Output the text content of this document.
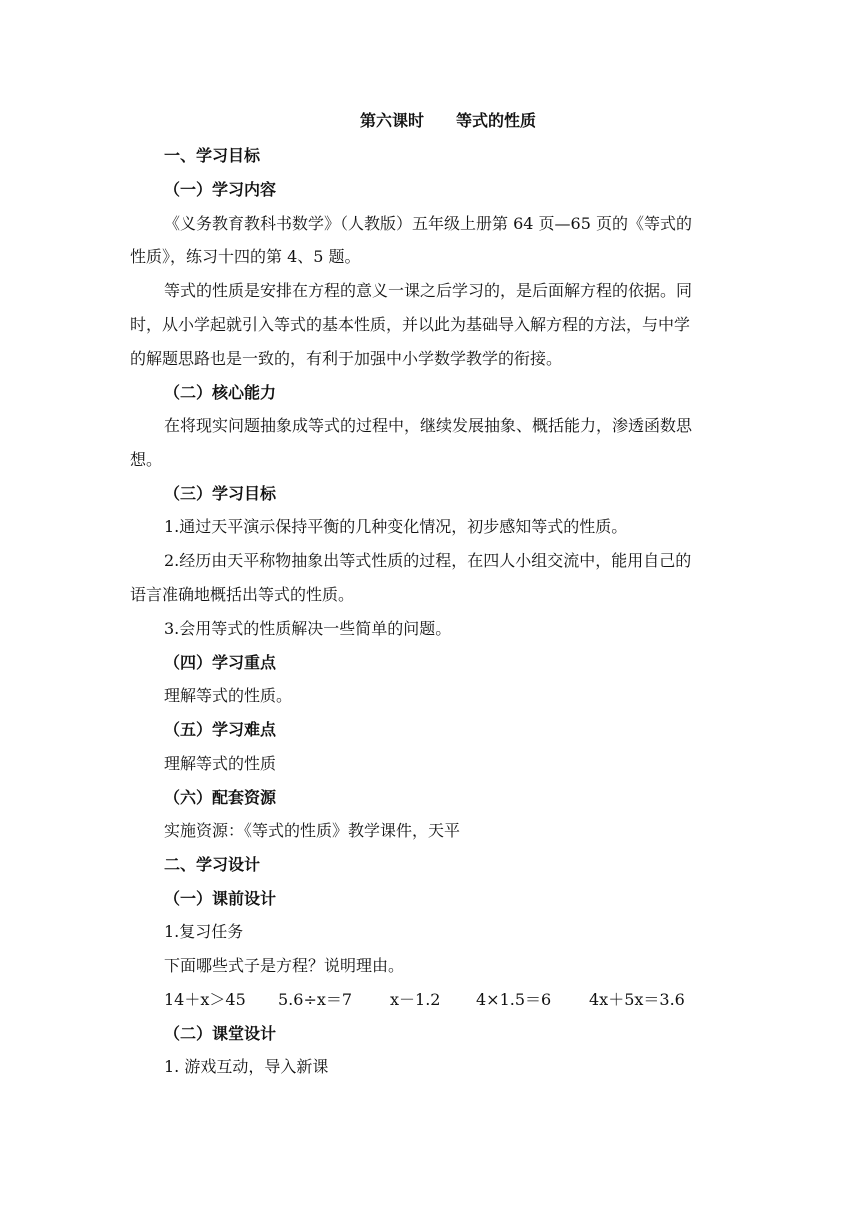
第六课时　　等式的性质
一、学习目标
（一）学习内容
《义务教育教科书数学》（人教版）五年级上册第 64 页—65 页的《等式的
性质》，练习十四的第 4、5 题。
等式的性质是安排在方程的意义一课之后学习的，是后面解方程的依据。同
时，从小学起就引入等式的基本性质，并以此为基础导入解方程的方法，与中学
的解题思路也是一致的，有利于加强中小学数学教学的衔接。
（二）核心能力
在将现实问题抽象成等式的过程中，继续发展抽象、概括能力，渗透函数思
想。
（三）学习目标
1.通过天平演示保持平衡的几种变化情况，初步感知等式的性质。
2.经历由天平称物抽象出等式性质的过程，在四人小组交流中，能用自己的
语言准确地概括出等式的性质。
3.会用等式的性质解决一些简单的问题。
（四）学习重点
理解等式的性质。
（五）学习难点
理解等式的性质
（六）配套资源
实施资源：《等式的性质》教学课件，天平
二、学习设计
（一）课前设计
1.复习任务
下面哪些式子是方程？说明理由。
14＋x＞45 5.6÷x＝7 x－1.2 4×1.5＝6 4x＋5x＝3.6
（二）课堂设计
1. 游戏互动，导入新课
